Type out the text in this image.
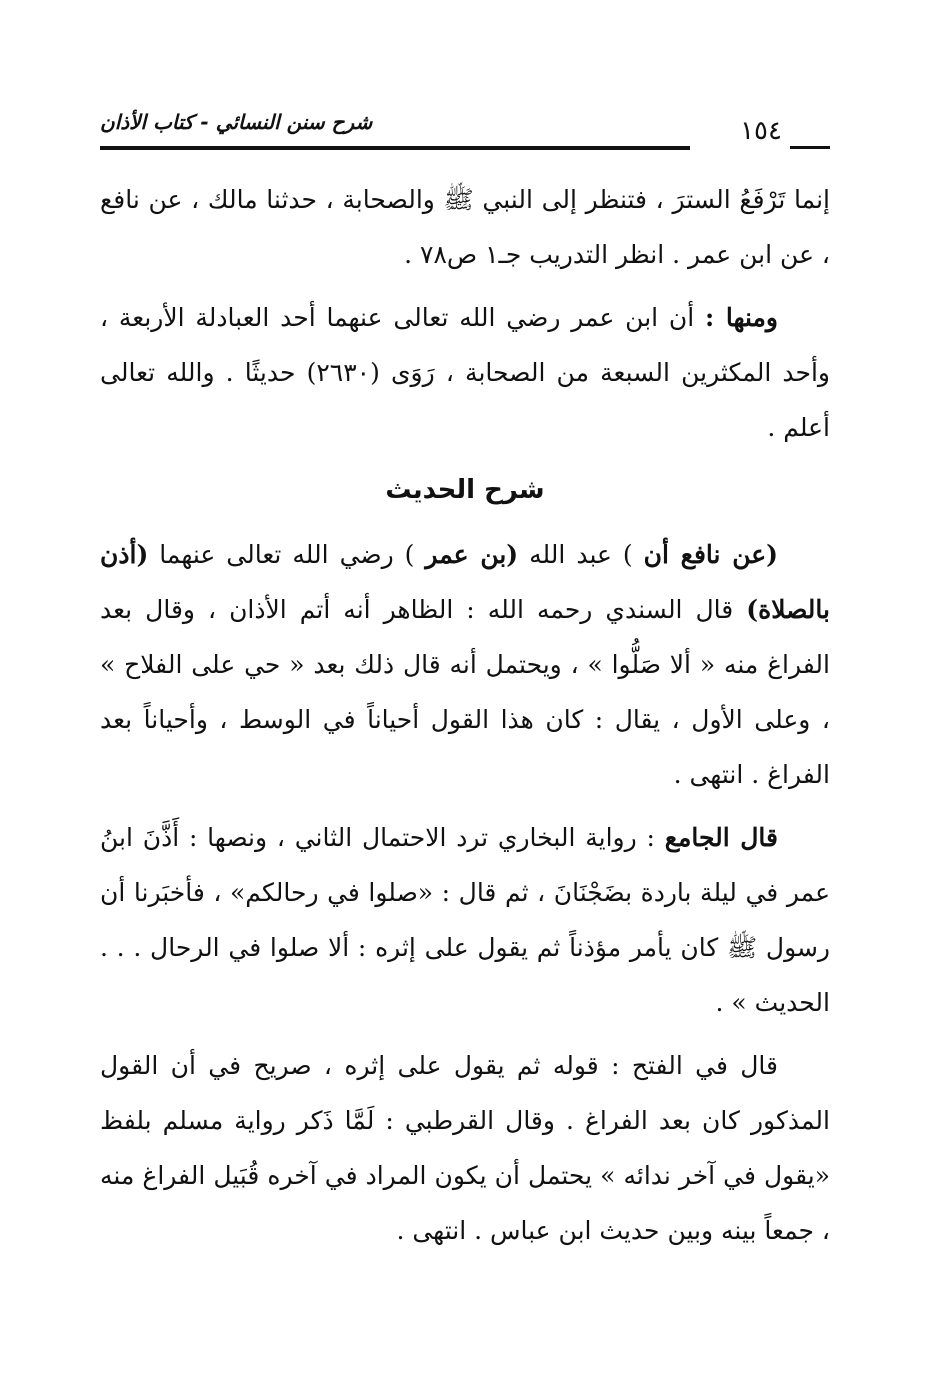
شرح سنن النسائي - كتاب الأذان	١٥٤

إنما تَرْفَعُ السترَ ، فتنظر إلى النبي ﷺ والصحابة ، حدثنا مالك ، عن نافع ، عن ابن عمر . انظر التدريب جـ١ ص٧٨ .

ومنها : أن ابن عمر رضي الله تعالى عنهما أحد العبادلة الأربعة ، وأحد المكثرين السبعة من الصحابة ، رَوَى (٢٦٣٠) حديثًا . والله تعالى أعلم .

شرح الحديث

(عن نافع أن ) عبد الله (بن عمر ) رضي الله تعالى عنهما (أذن بالصلاة) قال السندي رحمه الله : الظاهر أنه أتم الأذان ، وقال بعد الفراغ منه « ألا صَلُّوا » ، ويحتمل أنه قال ذلك بعد « حي على الفلاح » ، وعلى الأول ، يقال : كان هذا القول أحياناً في الوسط ، وأحياناً بعد الفراغ . انتهى .

قال الجامع : رواية البخاري ترد الاحتمال الثاني ، ونصها : أَذَّنَ ابنُ عمر في ليلة باردة بضَجْنَانَ ، ثم قال : «صلوا في رحالكم» ، فأخبَرنا أن رسول ﷺ كان يأمر مؤذناً ثم يقول على إثره : ألا صلوا في الرحال . . . الحديث » .

قال في الفتح : قوله ثم يقول على إثره ، صريح في أن القول المذكور كان بعد الفراغ . وقال القرطبي : لَمَّا ذَكر رواية مسلم بلفظ «يقول في آخر ندائه » يحتمل أن يكون المراد في آخره قُبَيل الفراغ منه ، جمعاً بينه وبين حديث ابن عباس . انتهى .
